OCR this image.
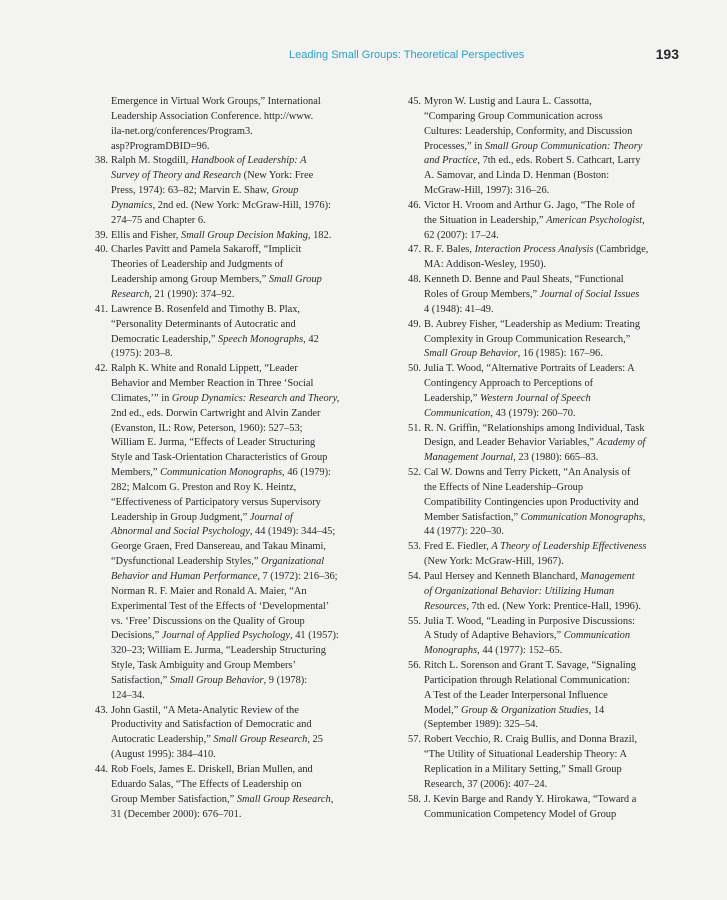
Leading Small Groups: Theoretical Perspectives	193
Emergence in Virtual Work Groups,” International
Leadership Association Conference. http://www.
ila-net.org/conferences/Program3.
asp?ProgramDBID=96.
38. Ralph M. Stogdill, Handbook of Leadership: A
Survey of Theory and Research (New York: Free
Press, 1974): 63–82; Marvin E. Shaw, Group
Dynamics, 2nd ed. (New York: McGraw-Hill, 1976):
274–75 and Chapter 6.
39. Ellis and Fisher, Small Group Decision Making, 182.
40. Charles Pavitt and Pamela Sakaroff, “Implicit
Theories of Leadership and Judgments of
Leadership among Group Members,” Small Group
Research, 21 (1990): 374–92.
41. Lawrence B. Rosenfeld and Timothy B. Plax,
“Personality Determinants of Autocratic and
Democratic Leadership,” Speech Monographs, 42
(1975): 203–8.
42. Ralph K. White and Ronald Lippett, “Leader
Behavior and Member Reaction in Three ‘Social
Climates,’” in Group Dynamics: Research and Theory,
2nd ed., eds. Dorwin Cartwright and Alvin Zander
(Evanston, IL: Row, Peterson, 1960): 527–53;
William E. Jurma, “Effects of Leader Structuring
Style and Task-Orientation Characteristics of Group
Members,” Communication Monographs, 46 (1979):
282; Malcom G. Preston and Roy K. Heintz,
“Effectiveness of Participatory versus Supervisory
Leadership in Group Judgment,” Journal of
Abnormal and Social Psychology, 44 (1949): 344–45;
George Graen, Fred Dansereau, and Takau Minami,
“Dysfunctional Leadership Styles,” Organizational
Behavior and Human Performance, 7 (1972): 216–36;
Norman R. F. Maier and Ronald A. Maier, “An
Experimental Test of the Effects of ‘Developmental’
vs. ‘Free’ Discussions on the Quality of Group
Decisions,” Journal of Applied Psychology, 41 (1957):
320–23; William E. Jurma, “Leadership Structuring
Style, Task Ambiguity and Group Members’
Satisfaction,” Small Group Behavior, 9 (1978):
124–34.
43. John Gastil, “A Meta-Analytic Review of the
Productivity and Satisfaction of Democratic and
Autocratic Leadership,” Small Group Research, 25
(August 1995): 384–410.
44. Rob Foels, James E. Driskell, Brian Mullen, and
Eduardo Salas, “The Effects of Leadership on
Group Member Satisfaction,” Small Group Research,
31 (December 2000): 676–701.
45. Myron W. Lustig and Laura L. Cassotta,
“Comparing Group Communication across
Cultures: Leadership, Conformity, and Discussion
Processes,” in Small Group Communication: Theory
and Practice, 7th ed., eds. Robert S. Cathcart, Larry
A. Samovar, and Linda D. Henman (Boston:
McGraw-Hill, 1997): 316–26.
46. Victor H. Vroom and Arthur G. Jago, “The Role of
the Situation in Leadership,” American Psychologist,
62 (2007): 17–24.
47. R. F. Bales, Interaction Process Analysis (Cambridge,
MA: Addison-Wesley, 1950).
48. Kenneth D. Benne and Paul Sheats, “Functional
Roles of Group Members,” Journal of Social Issues
4 (1948): 41–49.
49. B. Aubrey Fisher, “Leadership as Medium: Treating
Complexity in Group Communication Research,”
Small Group Behavior, 16 (1985): 167–96.
50. Julia T. Wood, “Alternative Portraits of Leaders: A
Contingency Approach to Perceptions of
Leadership,” Western Journal of Speech
Communication, 43 (1979): 260–70.
51. R. N. Griffin, “Relationships among Individual, Task
Design, and Leader Behavior Variables,” Academy of
Management Journal, 23 (1980): 665–83.
52. Cal W. Downs and Terry Pickett, “An Analysis of
the Effects of Nine Leadership–Group
Compatibility Contingencies upon Productivity and
Member Satisfaction,” Communication Monographs,
44 (1977): 220–30.
53. Fred E. Fiedler, A Theory of Leadership Effectiveness
(New York: McGraw-Hill, 1967).
54. Paul Hersey and Kenneth Blanchard, Management
of Organizational Behavior: Utilizing Human
Resources, 7th ed. (New York: Prentice-Hall, 1996).
55. Julia T. Wood, “Leading in Purposive Discussions:
A Study of Adaptive Behaviors,” Communication
Monographs, 44 (1977): 152–65.
56. Ritch L. Sorenson and Grant T. Savage, “Signaling
Participation through Relational Communication:
A Test of the Leader Interpersonal Influence
Model,” Group & Organization Studies, 14
(September 1989): 325–54.
57. Robert Vecchio, R. Craig Bullis, and Donna Brazil,
“The Utility of Situational Leadership Theory: A
Replication in a Military Setting,” Small Group
Research, 37 (2006): 407–24.
58. J. Kevin Barge and Randy Y. Hirokawa, “Toward a
Communication Competency Model of Group
